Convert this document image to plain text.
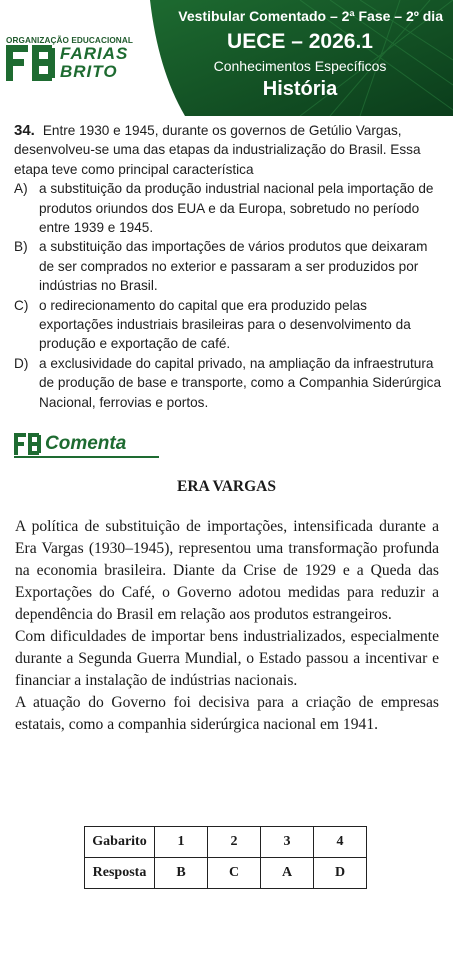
ORGANIZAÇÃO EDUCACIONAL
FARIAS
BRITO
Vestibular Comentado – 2ª Fase – 2º dia
UECE – 2026.1
Conhecimentos Específicos
História
34. Entre 1930 e 1945, durante os governos de Getúlio Vargas, desenvolveu-se uma das etapas da industrialização do Brasil. Essa etapa teve como principal característica
A) a substituição da produção industrial nacional pela importação de produtos oriundos dos EUA e da Europa, sobretudo no período entre 1939 e 1945.
B) a substituição das importações de vários produtos que deixaram de ser comprados no exterior e passaram a ser produzidos por indústrias no Brasil.
C) o redirecionamento do capital que era produzido pelas exportações industriais brasileiras para o desenvolvimento da produção e exportação de café.
D) a exclusividade do capital privado, na ampliação da infraestrutura de produção de base e transporte, como a Companhia Siderúrgica Nacional, ferrovias e portos.
Comenta
ERA VARGAS

A política de substituição de importações, intensificada durante a Era Vargas (1930–1945), representou uma transformação profunda na economia brasileira. Diante da Crise de 1929 e a Queda das Exportações do Café, o Governo adotou medidas para reduzir a dependência do Brasil em relação aos produtos estrangeiros.

Com dificuldades de importar bens industrializados, especialmente durante a Segunda Guerra Mundial, o Estado passou a incentivar e financiar a instalação de indústrias nacionais.

A atuação do Governo foi decisiva para a criação de empresas estatais, como a companhia siderúrgica nacional em 1941.

Gabarito	1	2	3	4
Resposta	B	C	A	D
